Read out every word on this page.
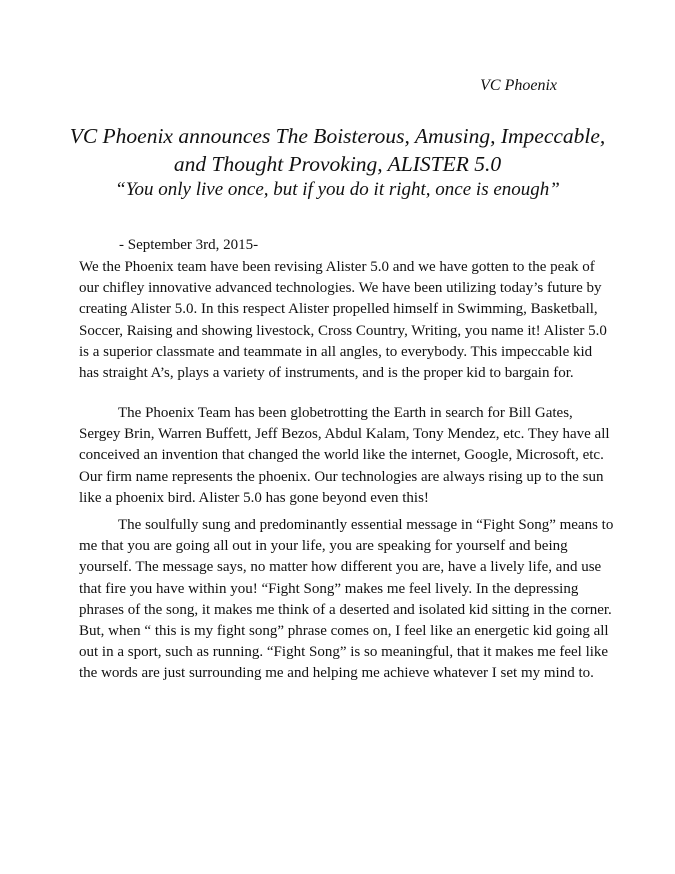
VC Phoenix
VC Phoenix announces The Boisterous, Amusing, Impeccable,
and Thought Provoking, ALISTER 5.0
“You only live once, but if you do it right, once is enough”
- September 3rd, 2015-

We the Phoenix team have been revising Alister 5.0 and we have gotten to the peak of
our chifley innovative advanced technologies. We have been utilizing today’s future by
creating Alister 5.0. In this respect Alister propelled himself in Swimming, Basketball,
Soccer, Raising and showing livestock, Cross Country, Writing, you name it! Alister 5.0
is a superior classmate and teammate in all angles, to everybody. This impeccable kid
has straight A’s, plays a variety of instruments, and is the proper kid to bargain for.

The Phoenix Team has been globetrotting the Earth in search for Bill Gates,
Sergey Brin, Warren Buffett, Jeff Bezos, Abdul Kalam, Tony Mendez, etc. They have all
conceived an invention that changed the world like the internet, Google, Microsoft, etc.
Our firm name represents the phoenix. Our technologies are always rising up to the sun
like a phoenix bird. Alister 5.0 has gone beyond even this!

The soulfully sung and predominantly essential message in “Fight Song” means to
me that you are going all out in your life, you are speaking for yourself and being
yourself. The message says, no matter how different you are, have a lively life, and use
that fire you have within you! “Fight Song” makes me feel lively. In the depressing
phrases of the song, it makes me think of a deserted and isolated kid sitting in the corner.
But, when “ this is my fight song” phrase comes on, I feel like an energetic kid going all
out in a sport, such as running. “Fight Song” is so meaningful, that it makes me feel like
the words are just surrounding me and helping me achieve whatever I set my mind to.
